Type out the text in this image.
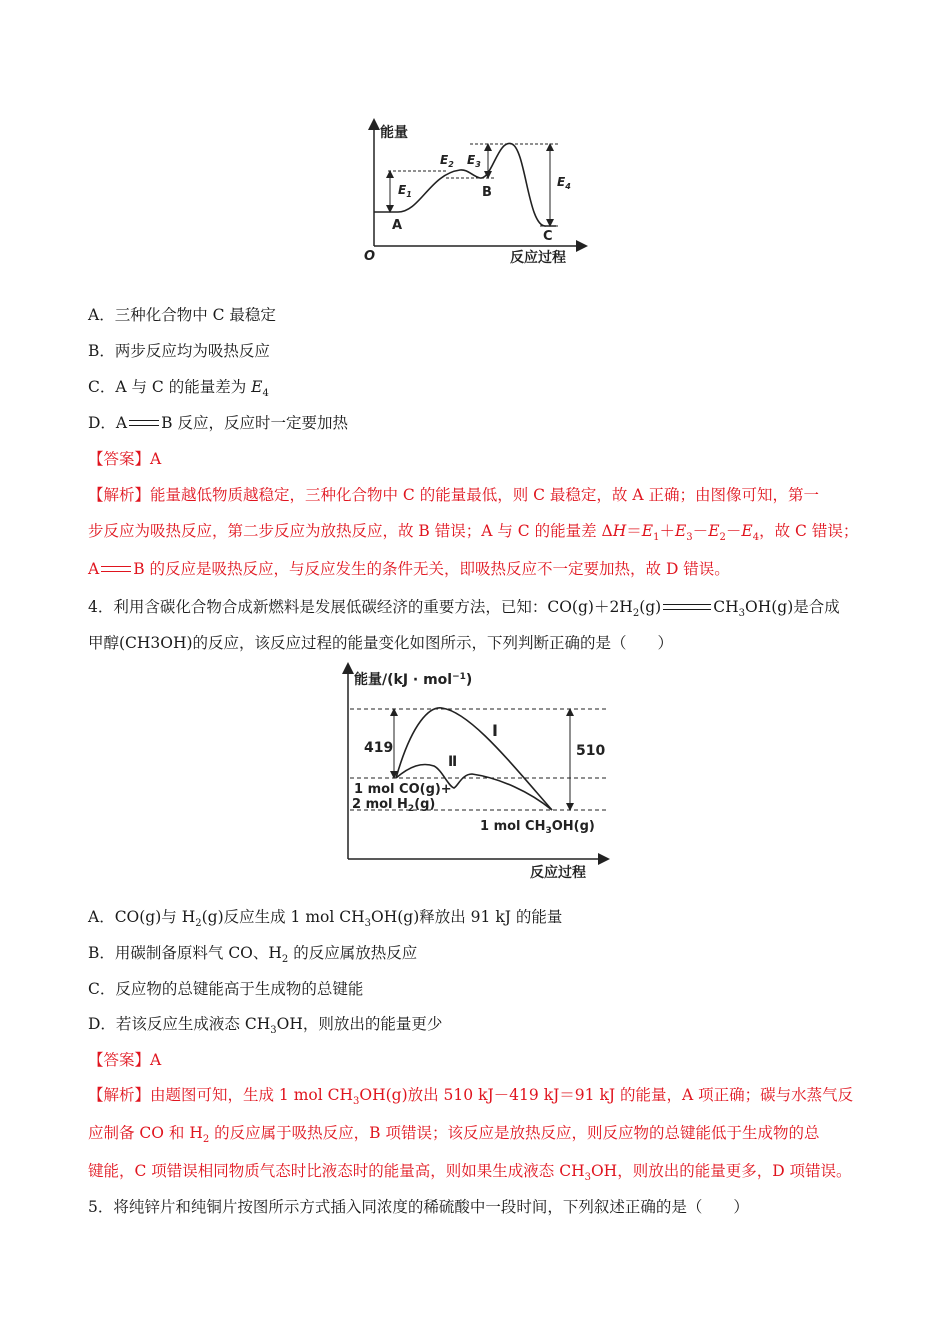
能量
O	反应过程
$E_1$
$E_2$ $E_3$
$E_4$
A
B
C
A．三种化合物中 C 最稳定
B．两步反应均为吸热反应
C．A 与 C 的能量差为 $E_4$
D．A B 反应，反应时一定要加热
【答案】A
【解析】能量越低物质越稳定，三种化合物中 C 的能量最低，则 C 最稳定，故 A 正确；由图像可知，第一
步反应为吸热反应，第二步反应为放热反应，故 B 错误；A 与 C 的能量差 $\Delta H=E_1+E_3-E_2-E_4$，故 C 错误；
A B 的反应是吸热反应，与反应发生的条件无关，即吸热反应不一定要加热，故 D 错误。
4．利用含碳化合物合成新燃料是发展低碳经济的重要方法，已知：$CO(g)+2H_2(g)$	$CH_3OH(g)$是合成
甲醇(CH3OH)的反应，该反应过程的能量变化如图所示，下列判断正确的是（　　）
能量/(kJ · mol$^{-1}$)
反应过程
419	510
Ⅰ
Ⅱ
1 mol CO(g)+
2 mol $H_2(g)$
1 mol $CH_3OH(g)$
A．CO(g)与 $H_2(g)$反应生成 1 mol $CH_3OH(g)$释放出 91 kJ 的能量
B．用碳制备原料气 CO、$H_2$ 的反应属放热反应
C．反应物的总键能高于生成物的总键能
D．若该反应生成液态 $CH_3OH$，则放出的能量更少
【答案】A
【解析】由题图可知，生成 1 mol $CH_3OH(g)$放出 510 kJ－419 kJ＝91 kJ 的能量，A 项正确；碳与水蒸气反
应制备 CO 和 $H_2$ 的反应属于吸热反应，B 项错误；该反应是放热反应，则反应物的总键能低于生成物的总
键能，C 项错误相同物质气态时比液态时的能量高，则如果生成液态 $CH_3OH$，则放出的能量更多，D 项错误。
5．将纯锌片和纯铜片按图所示方式插入同浓度的稀硫酸中一段时间，下列叙述正确的是（　　）
